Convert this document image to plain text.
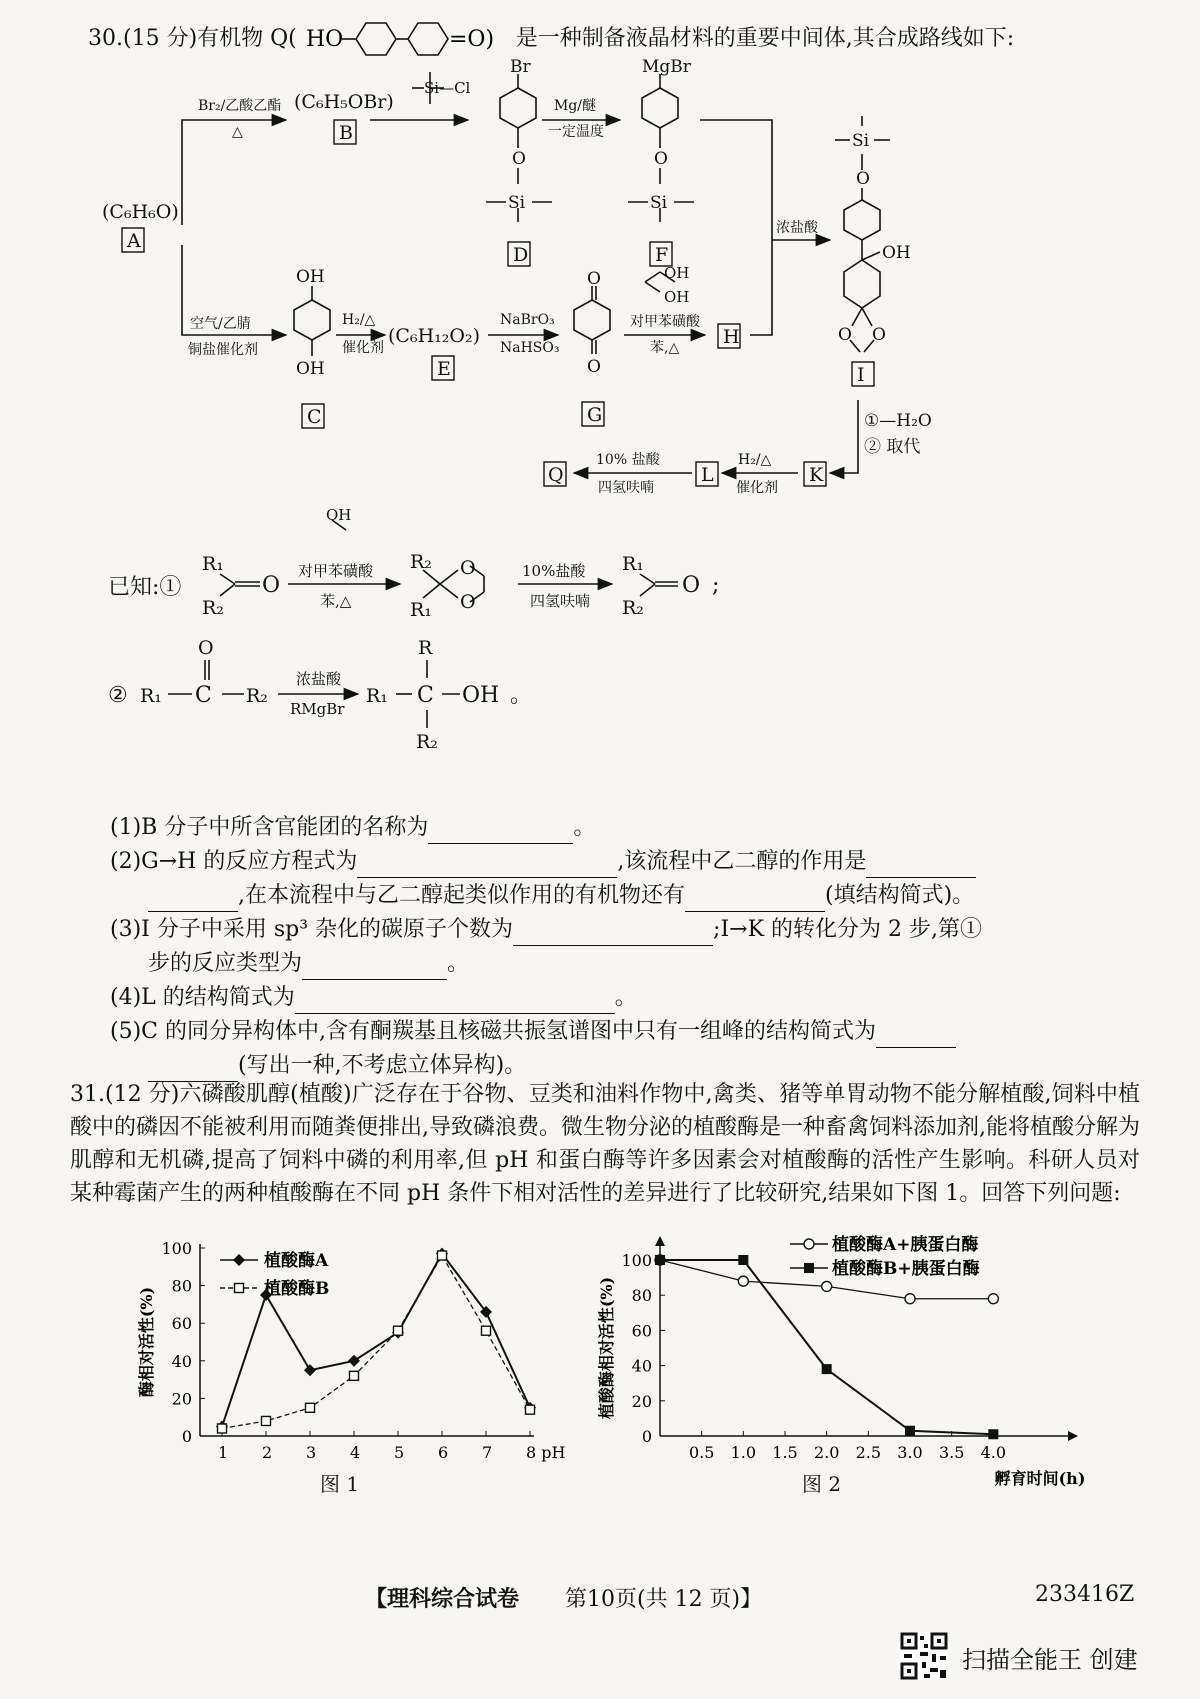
30.(15 分)有机物 Q( HO	=O) 是一种制备液晶材料的重要中间体,其合成路线如下:
(C₆H₆O)
A
Br₂/乙酸乙酯
△
(C₆H₅OBr)
B
Si—Cl
Br
O
Si
D
Mg/醚
一定温度
MgBr
O
Si
F
浓盐酸
Si
O
OH
O O
I
空气/乙腈
铜盐催化剂
OH
OH
C
H₂/△
催化剂
(C₆H₁₂O₂)
E
NaBrO₃
NaHSO₃
O
O
G
OH
OH
对甲苯磺酸
苯,△ H
①—H₂O
② 取代
K
H₂/△
催化剂
L
10% 盐酸
四氢呋喃
Q
已知:①
R₁
R₂
O
OH
对甲苯磺酸
苯,△
R₂
R₁
O
O
10%盐酸
四氢呋喃
R₁
R₂
O ;
② R₁
O
C R₂
浓盐酸
RMgBr
R₁
R
C OH
R₂
。

(1)B 分子中所含官能团的名称为	。

(2)G→H 的反应方程式为	,该流程中乙二醇的作用是

,在本流程中与乙二醇起类似作用的有机物还有	(填结构简式)。

(3)I 分子中采用 sp³ 杂化的碳原子个数为	;I→K 的转化分为 2 步,第①

步的反应类型为	。

(4)L 的结构简式为	。

(5)C 的同分异构体中,含有酮羰基且核磁共振氢谱图中只有一组峰的结构简式为

(写出一种,不考虑立体异构)。

31.(12 分)六磷酸肌醇(植酸)广泛存在于谷物、豆类和油料作物中,禽类、猪等单胃动物不能分解植酸,饲料中植酸中的磷因不能被利用而随粪便排出,导致磷浪费。微生物分泌的植酸酶是一种畜禽饲料添加剂,能将植酸分解为肌醇和无机磷,提高了饲料中磷的利用率,但 pH 和蛋白酶等许多因素会对植酸酶的活性产生影响。科研人员对某种霉菌产生的两种植酸酶在不同 pH 条件下相对活性的差异进行了比较研究,结果如下图 1。回答下列问题:
0
20
40
60
80
100
1 2 3 4 5 6 7 8 pH
酶相对活性(%)
植酸酶A
植酸酶B
图 1
0
20
40
60
80
100
0.5 1.0 1.5 2.0 2.5 3.0 3.5 4.0
孵育时间(h)
植酸酶相对活性(%)
植酸酶A+胰蛋白酶
植酸酶B+胰蛋白酶
图 2
【理科综合试卷 第10页(共 12 页)】	233416Z
扫描全能王 创建
